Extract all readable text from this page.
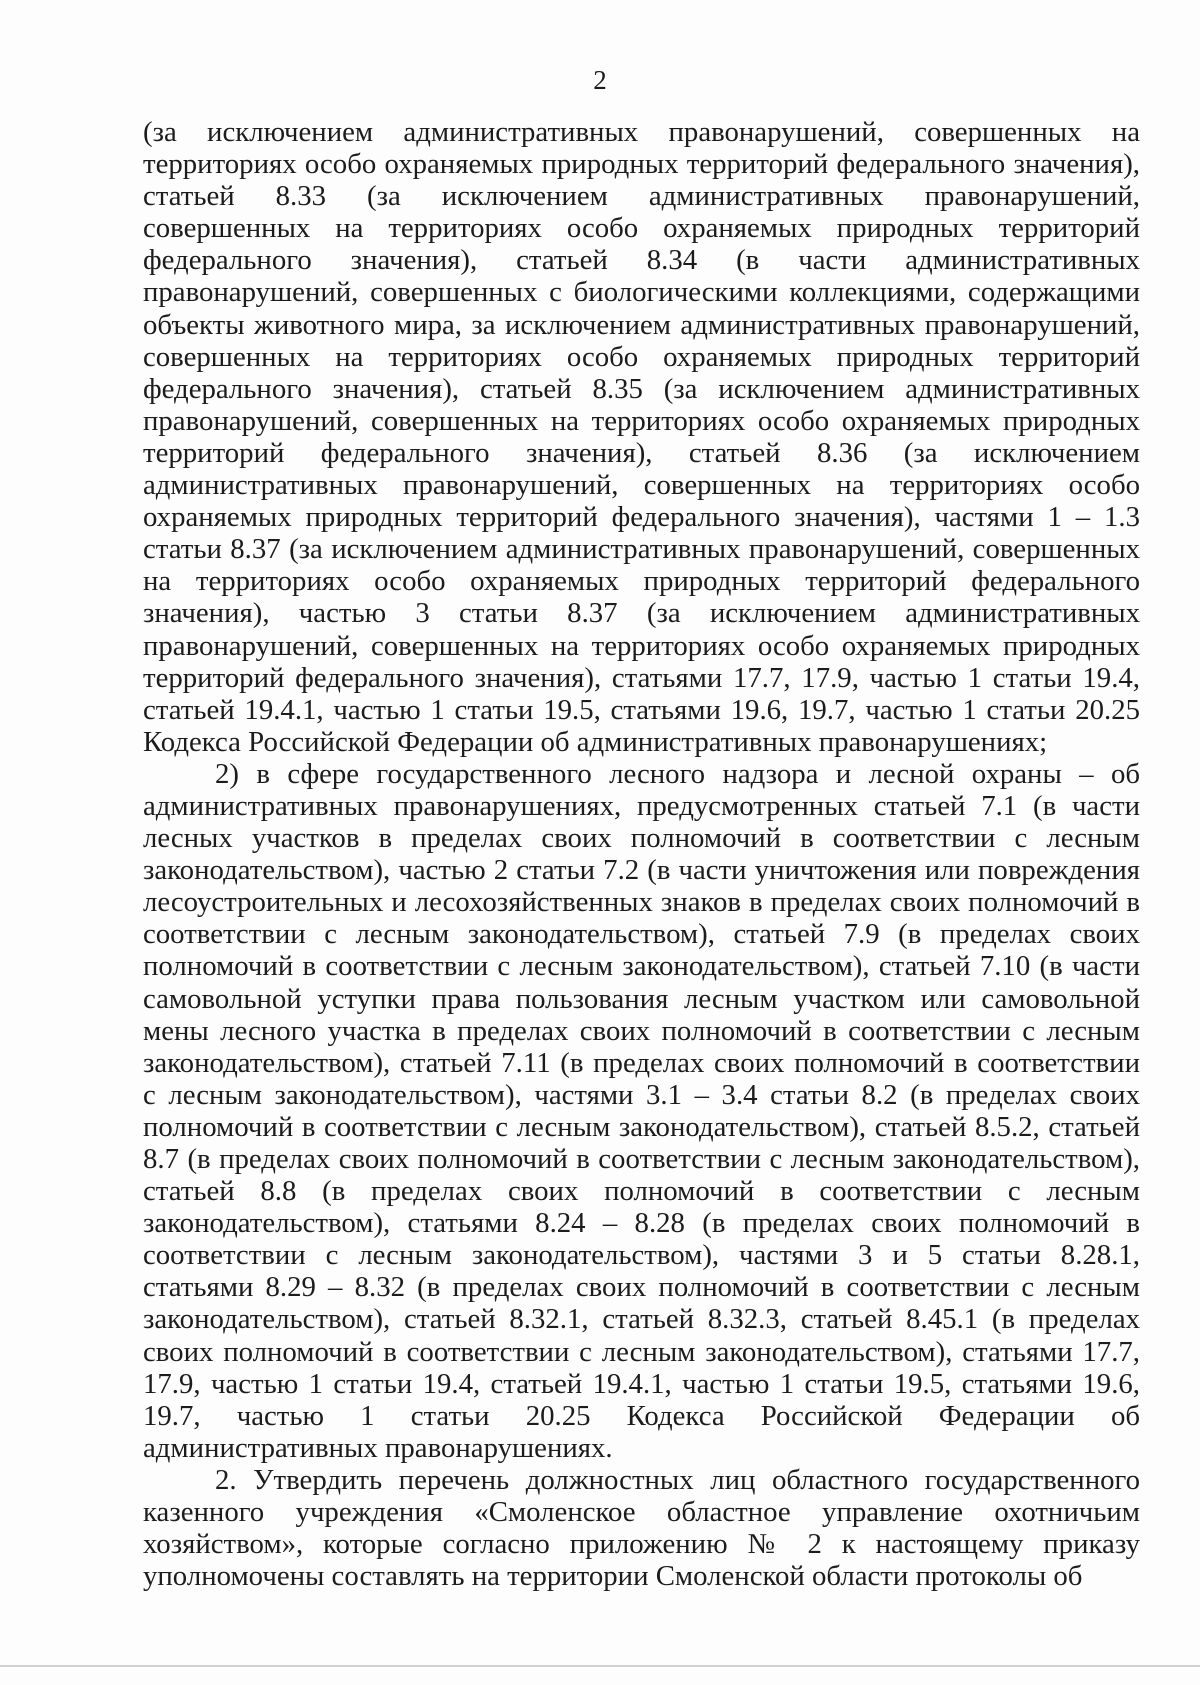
2

(за исключением административных правонарушений, совершенных на территориях особо охраняемых природных территорий федерального значения), статьей 8.33 (за исключением административных правонарушений, совершенных на территориях особо охраняемых природных территорий федерального значения), статьей 8.34 (в части административных правонарушений, совершенных с биологическими коллекциями, содержащими объекты животного мира, за исключением административных правонарушений, совершенных на территориях особо охраняемых природных территорий федерального значения), статьей 8.35 (за исключением административных правонарушений, совершенных на территориях особо охраняемых природных территорий федерального значения), статьей 8.36 (за исключением административных правонарушений, совершенных на территориях особо охраняемых природных территорий федерального значения), частями 1 – 1.3 статьи 8.37 (за исключением административных правонарушений, совершенных на территориях особо охраняемых природных территорий федерального значения), частью 3 статьи 8.37 (за исключением административных правонарушений, совершенных на территориях особо охраняемых природных территорий федерального значения), статьями 17.7, 17.9, частью 1 статьи 19.4, статьей 19.4.1, частью 1 статьи 19.5, статьями 19.6, 19.7, частью 1 статьи 20.25 Кодекса Российской Федерации об административных правонарушениях;

2) в сфере государственного лесного надзора и лесной охраны – об административных правонарушениях, предусмотренных статьей 7.1 (в части лесных участков в пределах своих полномочий в соответствии с лесным законодательством), частью 2 статьи 7.2 (в части уничтожения или повреждения лесоустроительных и лесохозяйственных знаков в пределах своих полномочий в соответствии с лесным законодательством), статьей 7.9 (в пределах своих полномочий в соответствии с лесным законодательством), статьей 7.10 (в части самовольной уступки права пользования лесным участком или самовольной мены лесного участка в пределах своих полномочий в соответствии с лесным законодательством), статьей 7.11 (в пределах своих полномочий в соответствии с лесным законодательством), частями 3.1 – 3.4 статьи 8.2 (в пределах своих полномочий в соответствии с лесным законодательством), статьей 8.5.2, статьей 8.7 (в пределах своих полномочий в соответствии с лесным законодательством), статьей 8.8 (в пределах своих полномочий в соответствии с лесным законодательством), статьями 8.24 – 8.28 (в пределах своих полномочий в соответствии с лесным законодательством), частями 3 и 5 статьи 8.28.1, статьями 8.29 – 8.32 (в пределах своих полномочий в соответствии с лесным законодательством), статьей 8.32.1, статьей 8.32.3, статьей 8.45.1 (в пределах своих полномочий в соответствии с лесным законодательством), статьями 17.7, 17.9, частью 1 статьи 19.4, статьей 19.4.1, частью 1 статьи 19.5, статьями 19.6, 19.7, частью 1 статьи 20.25 Кодекса Российской Федерации об административных правонарушениях.

2. Утвердить перечень должностных лиц областного государственного казенного учреждения «Смоленское областное управление охотничьим хозяйством», которые согласно приложению № 2 к настоящему приказу уполномочены составлять на территории Смоленской области протоколы об
